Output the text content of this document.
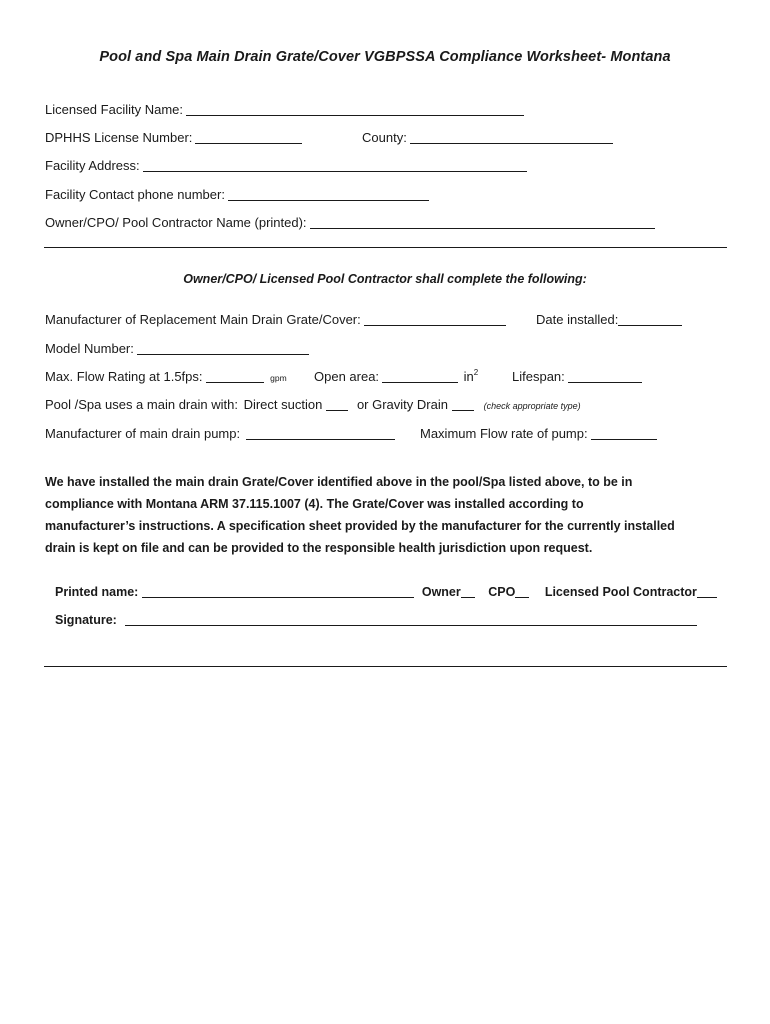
Pool and Spa Main Drain Grate/Cover VGBPSSA Compliance Worksheet- Montana
Licensed Facility Name:
DPHHS License Number:	County:
Facility Address:
Facility Contact phone number:
Owner/CPO/ Pool Contractor Name (printed):
Owner/CPO/ Licensed Pool Contractor shall complete the following:
Manufacturer of Replacement Main Drain Grate/Cover:	Date installed:
Model Number:
Max. Flow Rating at 1.5fps:	gpm Open area:	$in^2$	Lifespan:
Pool /Spa uses a main drain with: Direct suction	or Gravity Drain	(check appropriate type)
Manufacturer of main drain pump:	Maximum Flow rate of pump:
We have installed the main drain Grate/Cover identified above in the pool/Spa listed above, to be in
compliance with Montana ARM 37.115.1007 (4). The Grate/Cover was installed according to
manufacturer’s instructions. A specification sheet provided by the manufacturer for the currently installed
drain is kept on file and can be provided to the responsible health jurisdiction upon request.
Printed name:	Owner CPO Licensed Pool Contractor
Signature:
